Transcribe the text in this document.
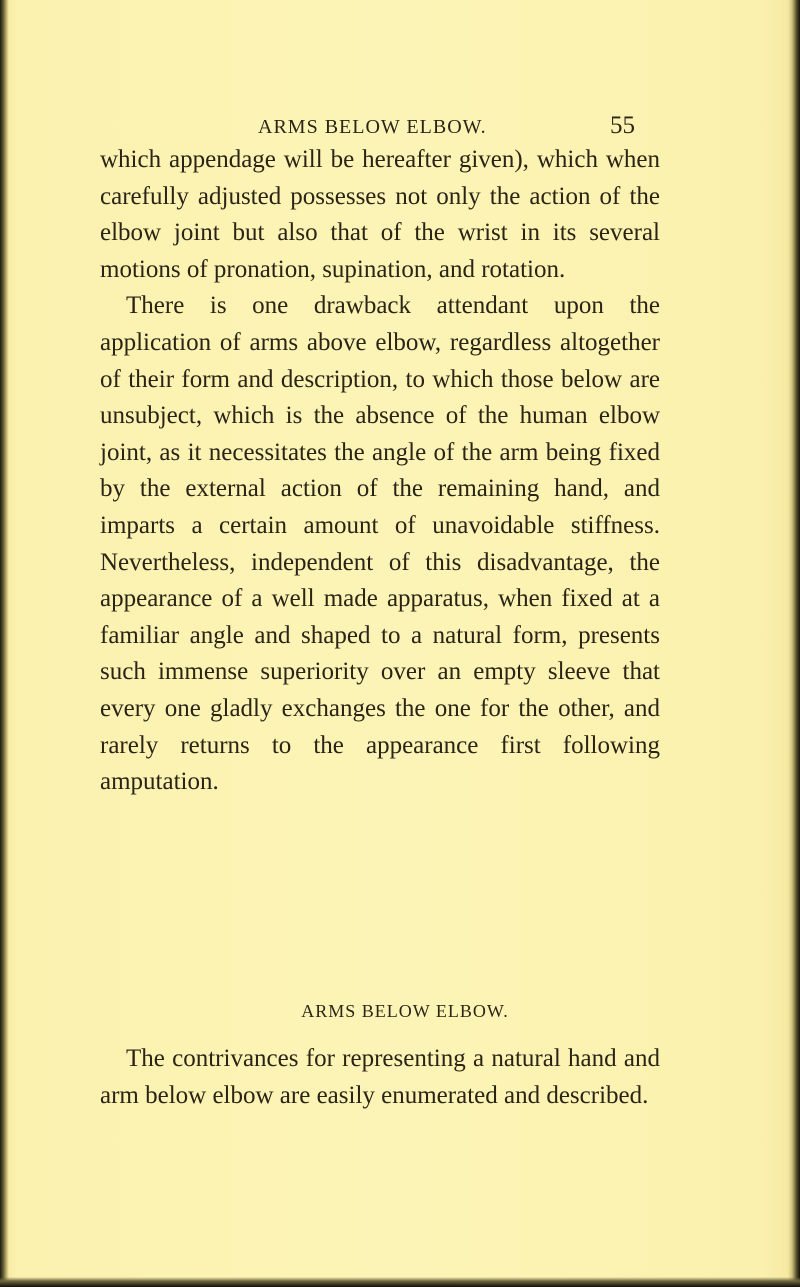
ARMS BELOW ELBOW.	55

which appendage will be hereafter given), which when carefully adjusted possesses not only the action of the elbow joint but also that of the wrist in its several motions of pronation, supination, and rotation.

There is one drawback attendant upon the application of arms above elbow, regardless altogether of their form and description, to which those below are unsubject, which is the absence of the human elbow joint, as it necessitates the angle of the arm being fixed by the external action of the remaining hand, and imparts a certain amount of unavoidable stiffness. Nevertheless, independent of this disadvantage, the appearance of a well made apparatus, when fixed at a familiar angle and shaped to a natural form, presents such immense superiority over an empty sleeve that every one gladly exchanges the one for the other, and rarely returns to the appearance first following amputation.

ARMS BELOW ELBOW.

The contrivances for representing a natural hand and arm below elbow are easily enumerated and described.
